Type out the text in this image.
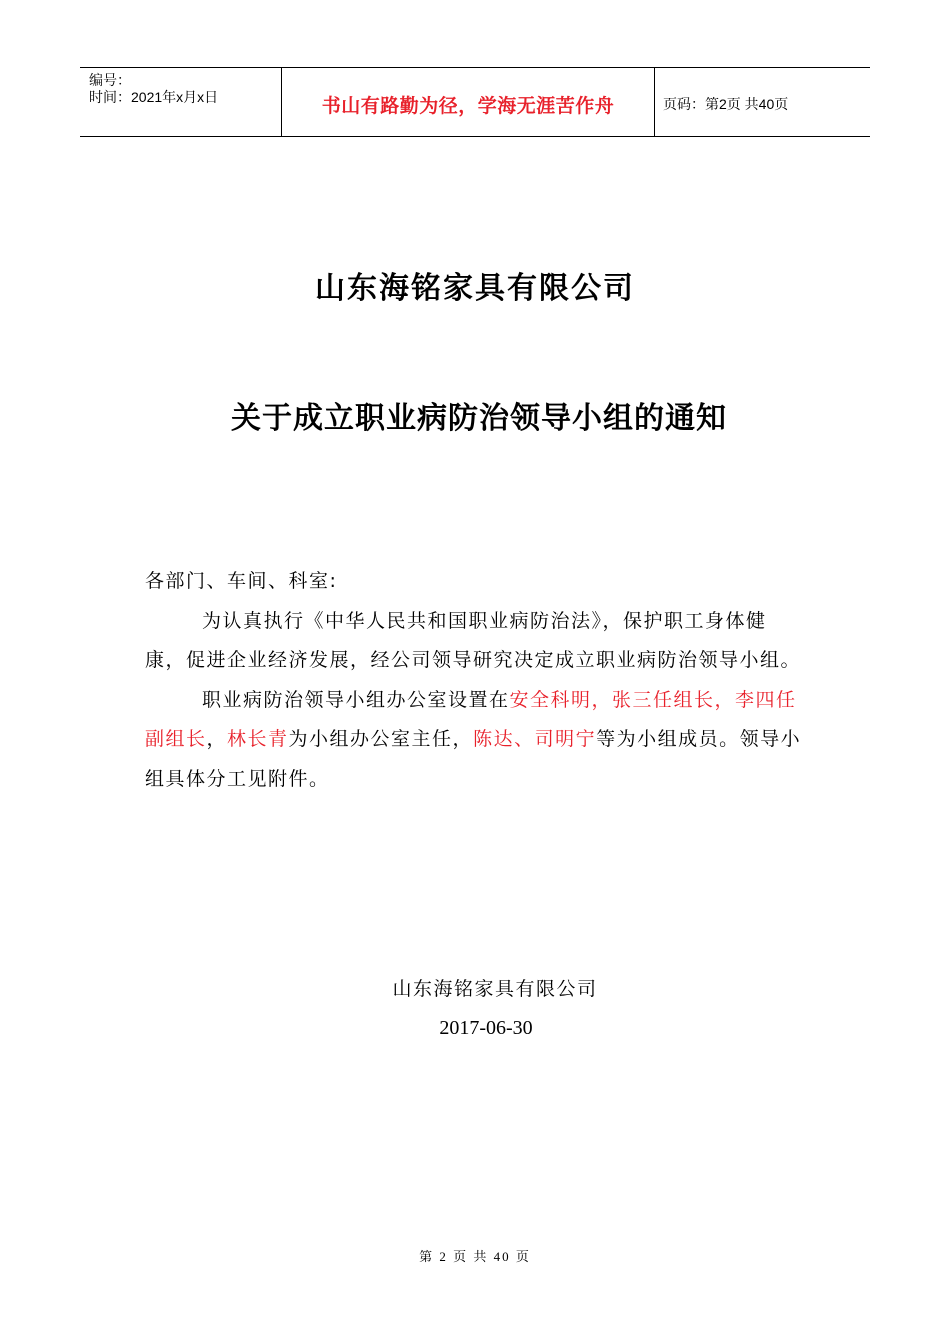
编号：
时间：2021年x月x日	书山有路勤为径，学海无涯苦作舟	页码：第2页 共40页
山东海铭家具有限公司
关于成立职业病防治领导小组的通知

各部门、车间、科室:

为认真执行《中华人民共和国职业病防治法》，保护职工身体健康，促进企业经济发展，经公司领导研究决定成立职业病防治领导小组。

职业病防治领导小组办公室设置在安全科明，张三任组长，李四任副组长，林长青为小组办公室主任，陈达、司明宁等为小组成员。领导小组具体分工见附件。

山东海铭家具有限公司
2017-06-30
第 2 页 共 40 页
